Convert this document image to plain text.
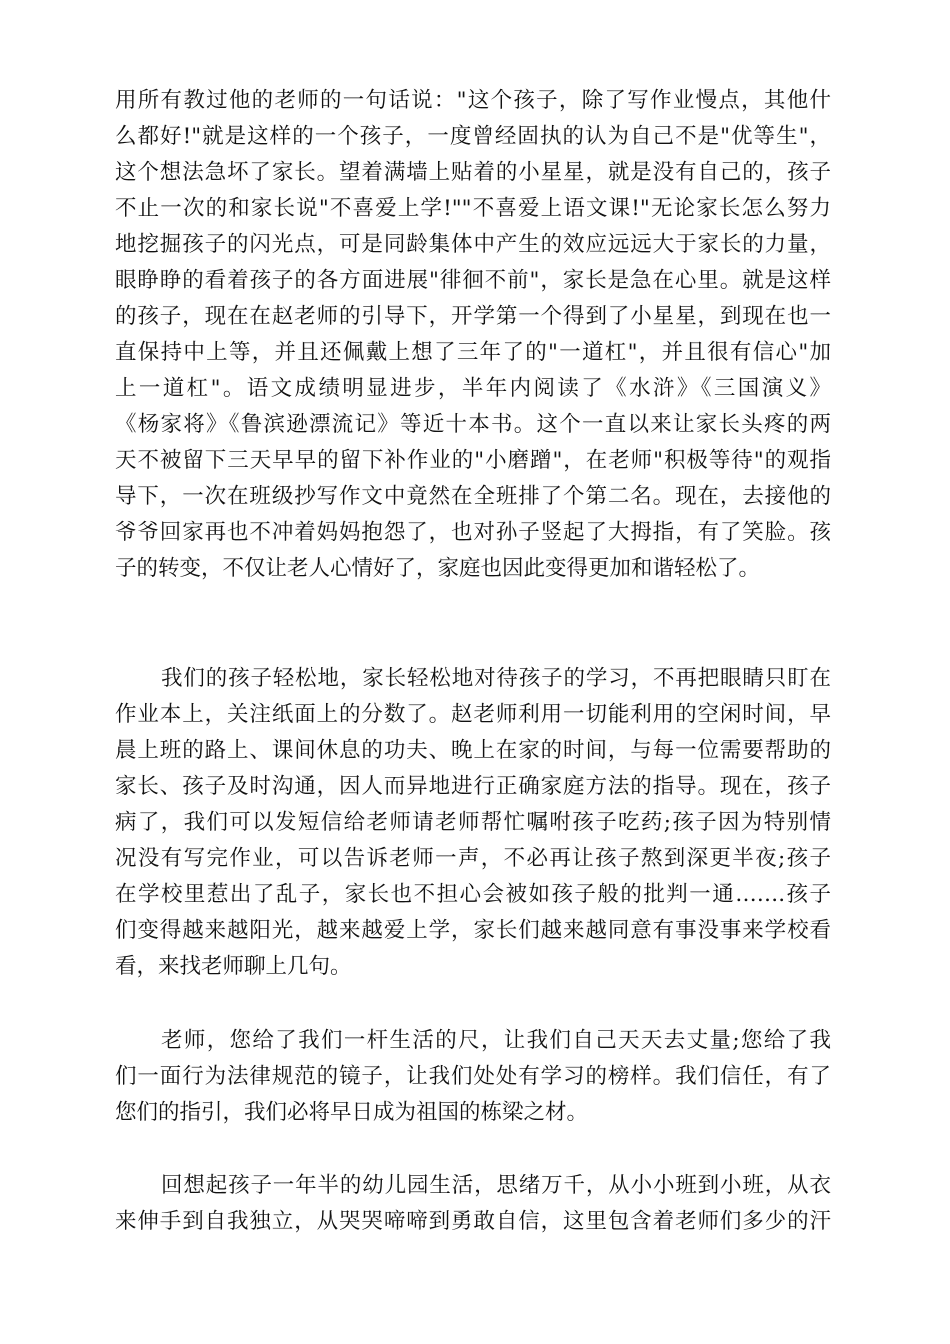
用所有教过他的老师的一句话说："这个孩子，除了写作业慢点，其他什
么都好!"就是这样的一个孩子，一度曾经固执的认为自己不是"优等生"，
这个想法急坏了家长。望着满墙上贴着的小星星，就是没有自己的，孩子
不止一次的和家长说"不喜爱上学!""不喜爱上语文课!"无论家长怎么努力
地挖掘孩子的闪光点，可是同龄集体中产生的效应远远大于家长的力量，
眼睁睁的看着孩子的各方面进展"徘徊不前"，家长是急在心里。就是这样
的孩子，现在在赵老师的引导下，开学第一个得到了小星星，到现在也一
直保持中上等，并且还佩戴上想了三年了的"一道杠"，并且很有信心"加
上一道杠"。语文成绩明显进步，半年内阅读了《水浒》《三国演义》
《杨家将》《鲁滨逊漂流记》等近十本书。这个一直以来让家长头疼的两
天不被留下三天早早的留下补作业的"小磨蹭"，在老师"积极等待"的观指
导下，一次在班级抄写作文中竟然在全班排了个第二名。现在，去接他的
爷爷回家再也不冲着妈妈抱怨了，也对孙子竖起了大拇指，有了笑脸。孩
子的转变，不仅让老人心情好了，家庭也因此变得更加和谐轻松了。
我们的孩子轻松地，家长轻松地对待孩子的学习，不再把眼睛只盯在
作业本上，关注纸面上的分数了。赵老师利用一切能利用的空闲时间，早
晨上班的路上、课间休息的功夫、晚上在家的时间，与每一位需要帮助的
家长、孩子及时沟通，因人而异地进行正确家庭方法的指导。现在，孩子
病了，我们可以发短信给老师请老师帮忙嘱咐孩子吃药;孩子因为特别情
况没有写完作业，可以告诉老师一声，不必再让孩子熬到深更半夜;孩子
在学校里惹出了乱子，家长也不担心会被如孩子般的批判一通…….孩子
们变得越来越阳光，越来越爱上学，家长们越来越同意有事没事来学校看
看，来找老师聊上几句。
老师，您给了我们一杆生活的尺，让我们自己天天去丈量;您给了我
们一面行为法律规范的镜子，让我们处处有学习的榜样。我们信任，有了
您们的指引，我们必将早日成为祖国的栋梁之材。
回想起孩子一年半的幼儿园生活，思绪万千，从小小班到小班，从衣
来伸手到自我独立，从哭哭啼啼到勇敢自信，这里包含着老师们多少的汗
